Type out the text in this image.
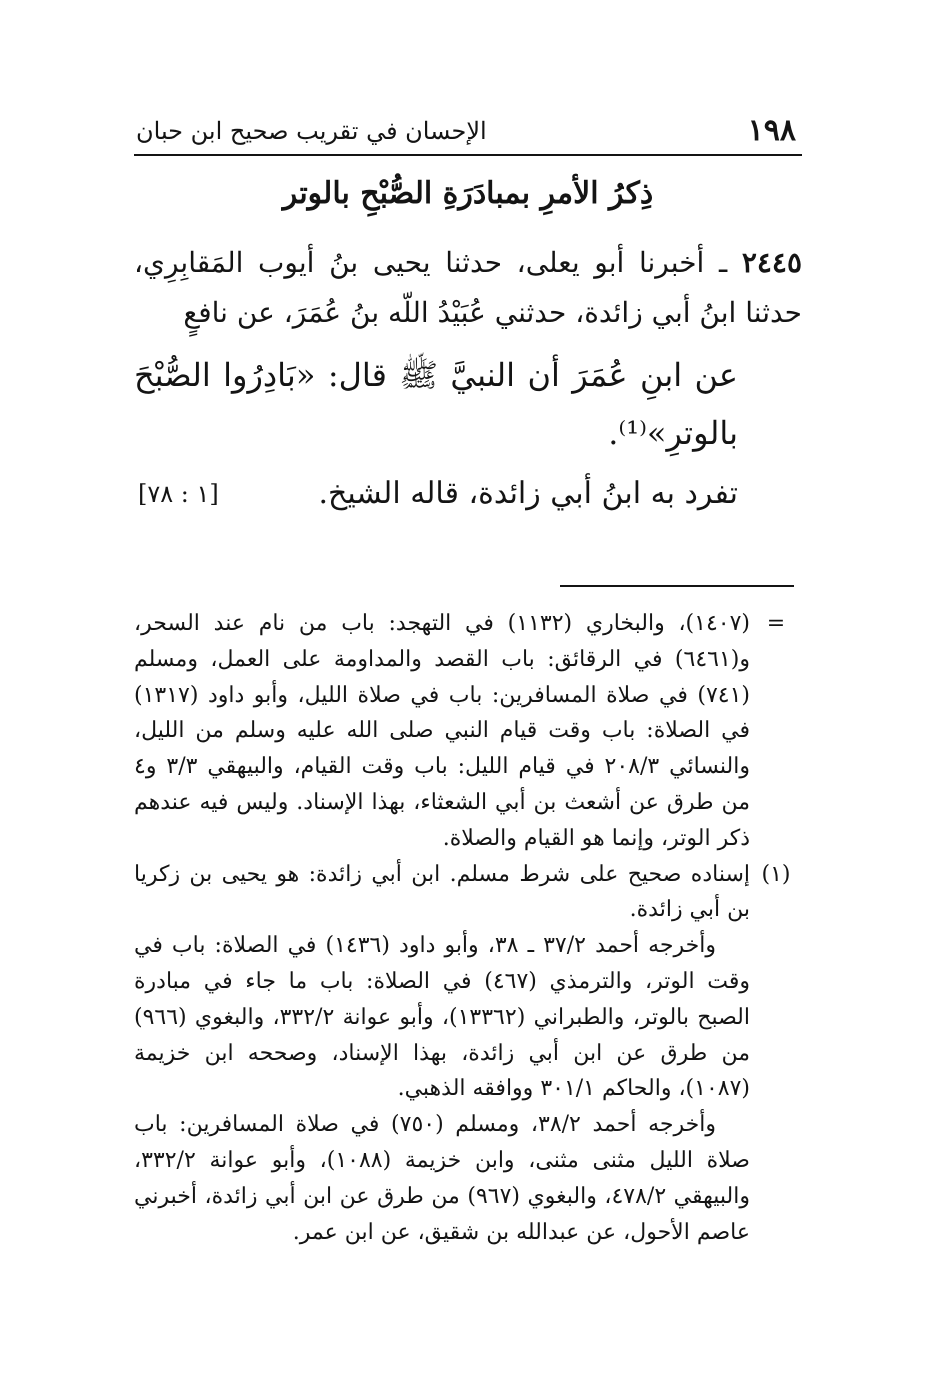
١٩٨
الإحسان في تقريب صحيح ابن حبان
ذِكرُ الأمرِ بمبادَرَةِ الصُّبْحِ بالوتر
٢٤٤٥ ـ أخبرنا أبو يعلى، حدثنا يحيى بنُ أيوب المَقابِرِي، حدثنا ابنُ أبي زائدة، حدثني عُبَيْدُ اللّه بنُ عُمَرَ، عن نافعٍ
عن ابنِ عُمَرَ أن النبيَّ ﷺ قال: «بَادِرُوا الصُّبْحَ بالوترِ»⁽¹⁾.
تفرد به ابنُ أبي زائدة، قاله الشيخ.
[١ : ٧٨]
=

(١٤٠٧)، والبخاري (١١٣٢) في التهجد: باب من نام عند السحر، و(٦٤٦١) في الرقائق: باب القصد والمداومة على العمل، ومسلم (٧٤١) في صلاة المسافرين: باب في صلاة الليل، وأبو داود (١٣١٧) في الصلاة: باب وقت قيام النبي صلى الله عليه وسلم من الليل، والنسائي ٢٠٨/٣ في قيام الليل: باب وقت القيام، والبيهقي ٣/٣ و٤ من طرق عن أشعث بن أبي الشعثاء، بهذا الإسناد. وليس فيه عندهم ذكر الوتر، وإنما هو القيام والصلاة.

(١)

إسناده صحيح على شرط مسلم. ابن أبي زائدة: هو يحيى بن زكريا بن أبي زائدة.

وأخرجه أحمد ٣٧/٢ ـ ٣٨، وأبو داود (١٤٣٦) في الصلاة: باب في وقت الوتر، والترمذي (٤٦٧) في الصلاة: باب ما جاء في مبادرة الصبح بالوتر، والطبراني (١٣٣٦٢)، وأبو عوانة ٣٣٢/٢، والبغوي (٩٦٦) من طرق عن ابن أبي زائدة، بهذا الإسناد، وصححه ابن خزيمة (١٠٨٧)، والحاكم ٣٠١/١ ووافقه الذهبي.

وأخرجه أحمد ٣٨/٢، ومسلم (٧٥٠) في صلاة المسافرين: باب صلاة الليل مثنى مثنى، وابن خزيمة (١٠٨٨)، وأبو عوانة ٣٣٢/٢، والبيهقي ٤٧٨/٢، والبغوي (٩٦٧) من طرق عن ابن أبي زائدة، أخبرني عاصم الأحول، عن عبدالله بن شقيق، عن ابن عمر.
